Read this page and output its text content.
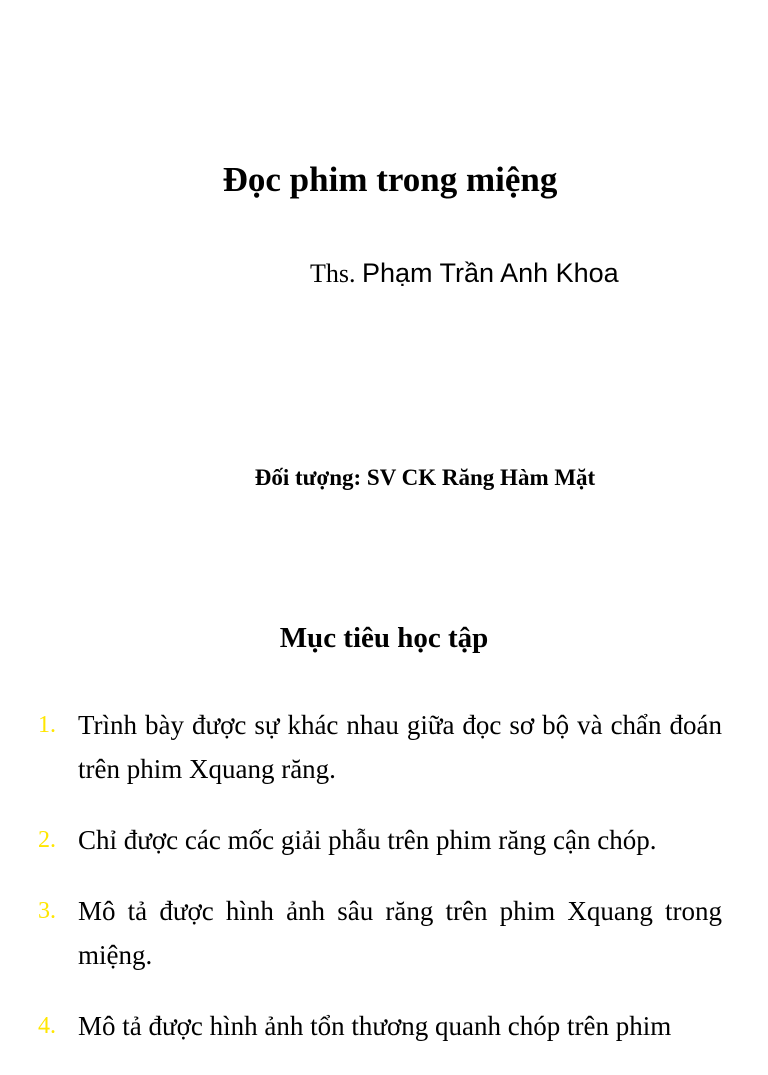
Đọc phim trong miệng
Ths. Phạm Trần Anh Khoa
Đối tượng: SV CK Răng Hàm Mặt
Mục tiêu học tập
1. Trình bày được sự khác nhau giữa đọc sơ bộ và chẩn đoán trên phim Xquang răng.
2. Chỉ được các mốc giải phẫu trên phim răng cận chóp.
3. Mô tả được hình ảnh sâu răng trên phim Xquang trong miệng.
4. Mô tả được hình ảnh tổn thương quanh chóp trên phim
